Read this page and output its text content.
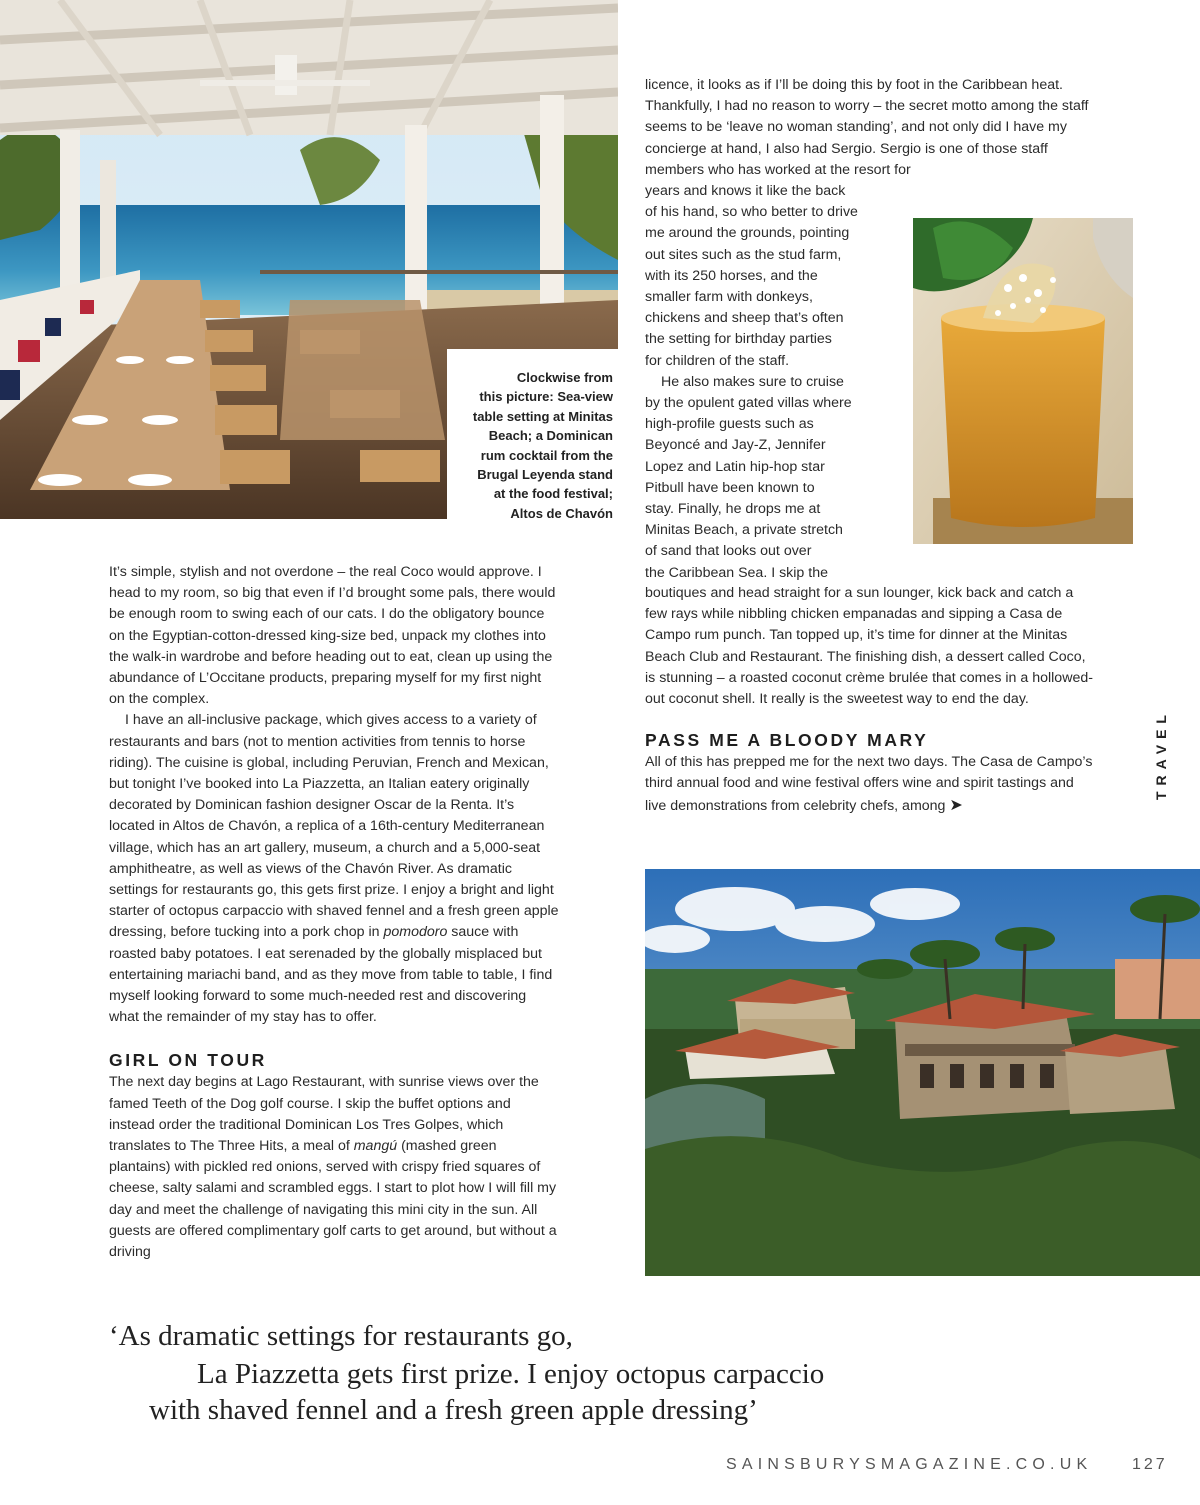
Clockwise from
this picture: Sea-view
table setting at Minitas
Beach; a Dominican
rum cocktail from the
Brugal Leyenda stand
at the food festival;
Altos de Chavón

It’s simple, stylish and not overdone – the real Coco would approve. I head to my room, so big that even if I’d brought some pals, there would be enough room to swing each of our cats. I do the obligatory bounce on the Egyptian-cotton-dressed king-size bed, unpack my clothes into the walk-in wardrobe and before heading out to eat, clean up using the abundance of L’Occitane products, preparing myself for my first night on the complex.

I have an all-inclusive package, which gives access to a variety of restaurants and bars (not to mention activities from tennis to horse riding). The cuisine is global, including Peruvian, French and Mexican, but tonight I’ve booked into La Piazzetta, an Italian eatery originally decorated by Dominican fashion designer Oscar de la Renta. It’s located in Altos de Chavón, a replica of a 16th-century Mediterranean village, which has an art gallery, museum, a church and a 5,000-seat amphitheatre, as well as views of the Chavón River. As dramatic settings for restaurants go, this gets first prize. I enjoy a bright and light starter of octopus carpaccio with shaved fennel and a fresh green apple dressing, before tucking into a pork chop in pomodoro sauce with roasted baby potatoes. I eat serenaded by the globally misplaced but entertaining mariachi band, and as they move from table to table, I find myself looking forward to some much-needed rest and discovering what the remainder of my stay has to offer.

GIRL ON TOUR

The next day begins at Lago Restaurant, with sunrise views over the famed Teeth of the Dog golf course. I skip the buffet options and instead order the traditional Dominican Los Tres Golpes, which translates to The Three Hits, a meal of mangú (mashed green plantains) with pickled red onions, served with crispy fried squares of cheese, salty salami and scrambled eggs. I start to plot how I will fill my day and meet the challenge of navigating this mini city in the sun. All guests are offered complimentary golf carts to get around, but without a driving

licence, it looks as if I’ll be doing this by foot in the Caribbean heat. Thankfully, I had no reason to worry – the secret motto among the staff seems to be ‘leave no woman standing’, and not only did I have my concierge at hand, I also had Sergio. Sergio is one of those staff members who has worked at the resort for

years and knows it like the back
of his hand, so who better to drive
me around the grounds, pointing
out sites such as the stud farm,
with its 250 horses, and the
smaller farm with donkeys,
chickens and sheep that’s often
the setting for birthday parties
for children of the staff.
He also makes sure to cruise
by the opulent gated villas where
high-profile guests such as
Beyoncé and Jay-Z, Jennifer
Lopez and Latin hip-hop star
Pitbull have been known to
stay. Finally, he drops me at
Minitas Beach, a private stretch
of sand that looks out over
the Caribbean Sea. I skip the

boutiques and head straight for a sun lounger, kick back and catch a few rays while nibbling chicken empanadas and sipping a Casa de Campo rum punch. Tan topped up, it’s time for dinner at the Minitas Beach Club and Restaurant. The finishing dish, a dessert called Coco, is stunning – a roasted coconut crème brulée that comes in a hollowed-out coconut shell. It really is the sweetest way to end the day.

PASS ME A BLOODY MARY

All of this has prepped me for the next two days. The Casa de Campo’s third annual food and wine festival offers wine and spirit tastings and live demonstrations from celebrity chefs, among ➤

TRAVEL
‘As dramatic settings for restaurants go,
La Piazzetta gets first prize. I enjoy octopus carpaccio
with shaved fennel and a fresh green apple dressing’
SAINSBURYSMAGAZINE.CO.UK 127
